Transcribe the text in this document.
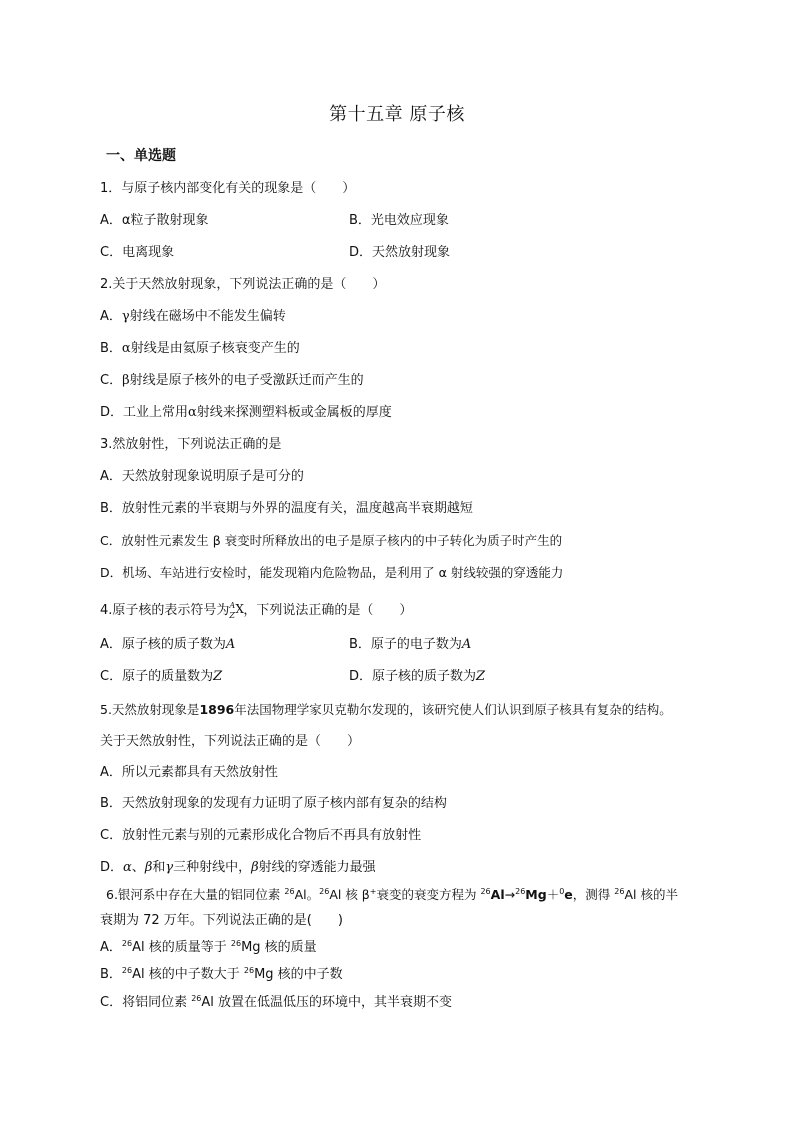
第十五章 原子核
一、单选题
1．与原子核内部变化有关的现象是（　　）
A．α粒子散射现象	B．光电效应现象
C．电离现象	D．天然放射现象
2.关于天然放射现象，下列说法正确的是（　　）
A．γ射线在磁场中不能发生偏转
B．α射线是由氦原子核衰变产生的
C．β射线是原子核外的电子受激跃迁而产生的
D．工业上常用α射线来探测塑料板或金属板的厚度
3.然放射性，下列说法正确的是
A．天然放射现象说明原子是可分的
B．放射性元素的半衰期与外界的温度有关，温度越高半衰期越短
C．放射性元素发生 β 衰变时所释放出的电子是原子核内的中子转化为质子时产生的
D．机场、车站进行安检时，能发现箱内危险物品，是利用了 α 射线较强的穿透能力
4.原子核的表示符号为 A
Z X ，下列说法正确的是（　　）
A．原子核的质子数为A	B．原子的电子数为A
C．原子的质量数为Z	D．原子核的质子数为Z
5.天然放射现象是1896年法国物理学家贝克勒尔发现的，该研究使人们认识到原子核具有复杂的结构。
关于天然放射性，下列说法正确的是（　　）
A．所以元素都具有天然放射性
B．天然放射现象的发现有力证明了原子核内部有复杂的结构
C．放射性元素与别的元素形成化合物后不再具有放射性
D．α、β和γ三种射线中，β射线的穿透能力最强
6.银河系中存在大量的铝同位素 $^{26}$Al。$^{26}$Al 核 β+衰变的衰变方程为 $^{26}$Al→$^{26}$Mg＋$^0$e，测得 $^{26}$Al 核的半
衰期为 72 万年。下列说法正确的是(　　)
A．$^{26}$Al 核的质量等于 $^{26}$Mg 核的质量
B．$^{26}$Al 核的中子数大于 $^{26}$Mg 核的中子数
C．将铝同位素 $^{26}$Al 放置在低温低压的环境中，其半衰期不变
